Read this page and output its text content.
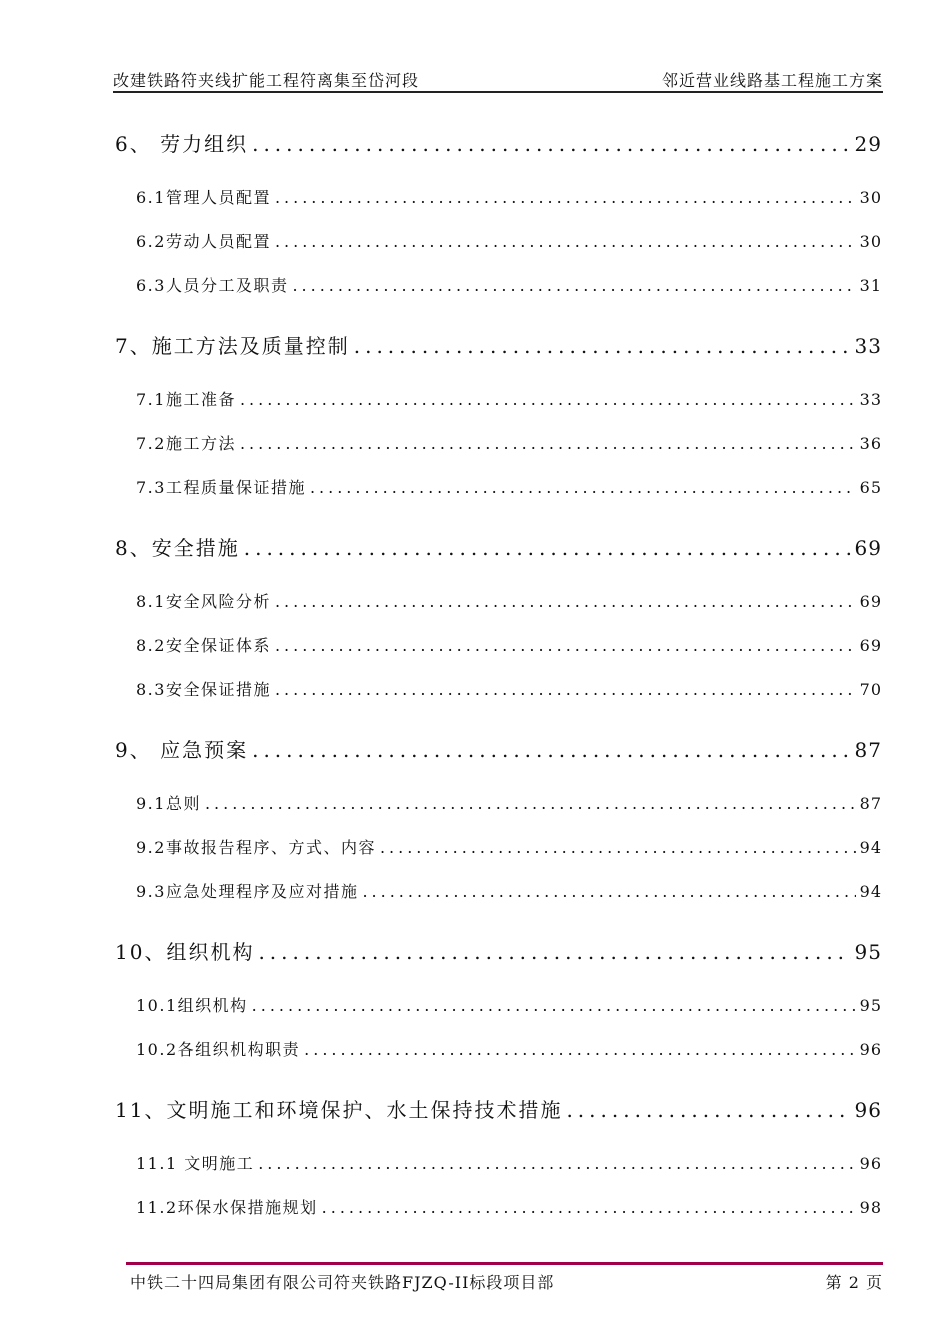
改建铁路符夹线扩能工程符离集至岱河段	邻近营业线路基工程施工方案
6、 劳力组织 .....	29
6.1管理人员配置 .....	30
6.2劳动人员配置 .....	30
6.3人员分工及职责 .....	31
7、施工方法及质量控制 .....	33
7.1施工准备 .....	33
7.2施工方法 .....	36
7.3工程质量保证措施 .....	65
8、安全措施 .....	69
8.1安全风险分析 .....	69
8.2安全保证体系 .....	69
8.3安全保证措施 .....	70
9、 应急预案 .....	87
9.1总则 .....	87
9.2事故报告程序、方式、内容 .....	94
9.3应急处理程序及应对措施 .....	94
10、组织机构 .....	95
10.1组织机构 .....	95
10.2各组织机构职责 .....	96
11、文明施工和环境保护、水土保持技术措施 .....	96
11.1 文明施工 .....	96
11.2环保水保措施规划 .....	98
中铁二十四局集团有限公司符夹铁路FJZQ-II标段项目部	第 2 页
